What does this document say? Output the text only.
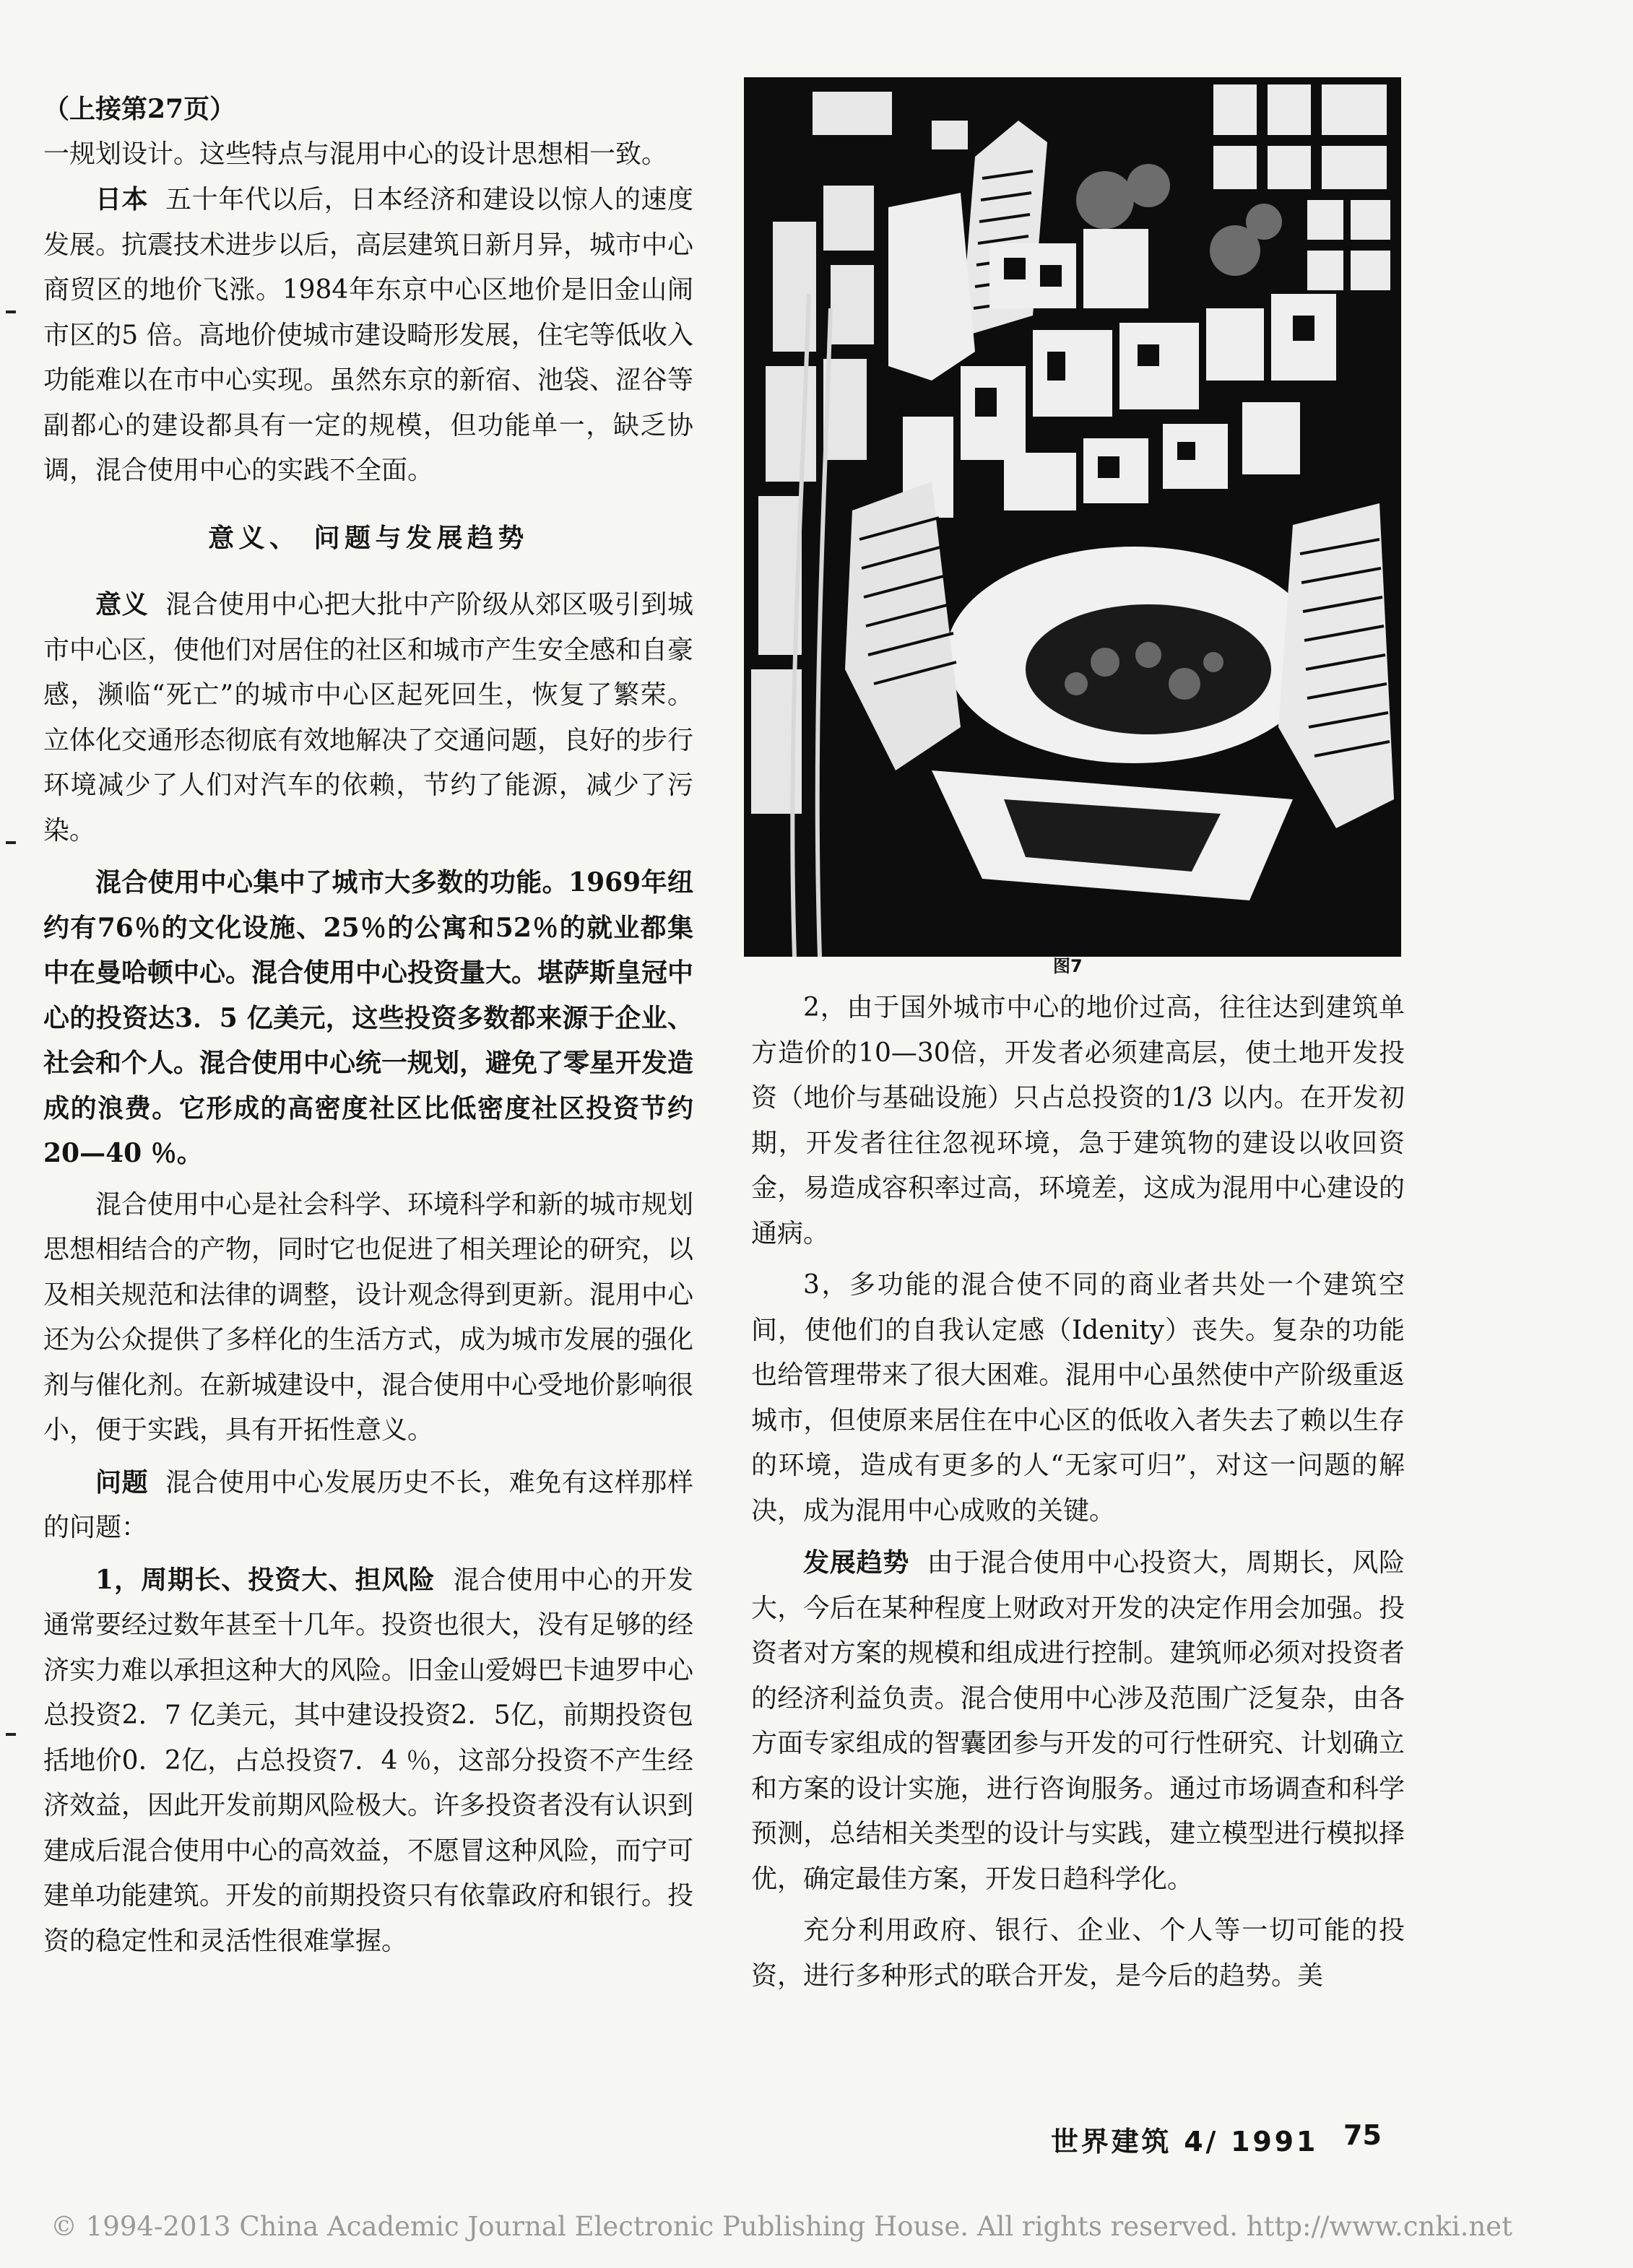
（上接第27页）

一规划设计。这些特点与混用中心的设计思想相一致。

日本 五十年代以后，日本经济和建设以惊人的速度发展。抗震技术进步以后，高层建筑日新月异，城市中心商贸区的地价飞涨。1984年东京中心区地价是旧金山闹市区的5 倍。高地价使城市建设畸形发展，住宅等低收入功能难以在市中心实现。虽然东京的新宿、池袋、涩谷等副都心的建设都具有一定的规模，但功能单一，缺乏协调，混合使用中心的实践不全面。

意义、 问题与发展趋势

意义 混合使用中心把大批中产阶级从郊区吸引到城市中心区，使他们对居住的社区和城市产生安全感和自豪感，濒临“死亡”的城市中心区起死回生，恢复了繁荣。立体化交通形态彻底有效地解决了交通问题，良好的步行环境减少了人们对汽车的依赖，节约了能源，减少了污染。

混合使用中心集中了城市大多数的功能。1969年纽约有76％的文化设施、25％的公寓和52％的就业都集中在曼哈顿中心。混合使用中心投资量大。堪萨斯皇冠中心的投资达3．5 亿美元，这些投资多数都来源于企业、社会和个人。混合使用中心统一规划，避免了零星开发造成的浪费。它形成的高密度社区比低密度社区投资节约20—40 ％。

混合使用中心是社会科学、环境科学和新的城市规划思想相结合的产物，同时它也促进了相关理论的研究，以及相关规范和法律的调整，设计观念得到更新。混用中心还为公众提供了多样化的生活方式，成为城市发展的强化剂与催化剂。在新城建设中，混合使用中心受地价影响很小，便于实践，具有开拓性意义。

问题 混合使用中心发展历史不长，难免有这样那样的问题：

1，周期长、投资大、担风险 混合使用中心的开发通常要经过数年甚至十几年。投资也很大，没有足够的经济实力难以承担这种大的风险。旧金山爱姆巴卡迪罗中心总投资2．7 亿美元，其中建设投资2．5亿，前期投资包括地价0．2亿，占总投资7．4 ％，这部分投资不产生经济效益，因此开发前期风险极大。许多投资者没有认识到建成后混合使用中心的高效益，不愿冒这种风险，而宁可建单功能建筑。开发的前期投资只有依靠政府和银行。投资的稳定性和灵活性很难掌握。

图7

2，由于国外城市中心的地价过高，往往达到建筑单方造价的10—30倍，开发者必须建高层，使土地开发投资（地价与基础设施）只占总投资的1/3 以内。在开发初期，开发者往往忽视环境，急于建筑物的建设以收回资金，易造成容积率过高，环境差，这成为混用中心建设的通病。

3，多功能的混合使不同的商业者共处一个建筑空间，使他们的自我认定感（Idenity）丧失。复杂的功能也给管理带来了很大困难。混用中心虽然使中产阶级重返城市，但使原来居住在中心区的低收入者失去了赖以生存的环境，造成有更多的人“无家可归”，对这一问题的解决，成为混用中心成败的关键。

发展趋势 由于混合使用中心投资大，周期长，风险大，今后在某种程度上财政对开发的决定作用会加强。投资者对方案的规模和组成进行控制。建筑师必须对投资者的经济利益负责。混合使用中心涉及范围广泛复杂，由各方面专家组成的智囊团参与开发的可行性研究、计划确立和方案的设计实施，进行咨询服务。通过市场调查和科学预测，总结相关类型的设计与实践，建立模型进行模拟择优，确定最佳方案，开发日趋科学化。

充分利用政府、银行、企业、个人等一切可能的投资，进行多种形式的联合开发，是今后的趋势。美

世界建筑 4/ 1991 75
© 1994-2013 China Academic Journal Electronic Publishing House. All rights reserved. http://www.cnki.net
